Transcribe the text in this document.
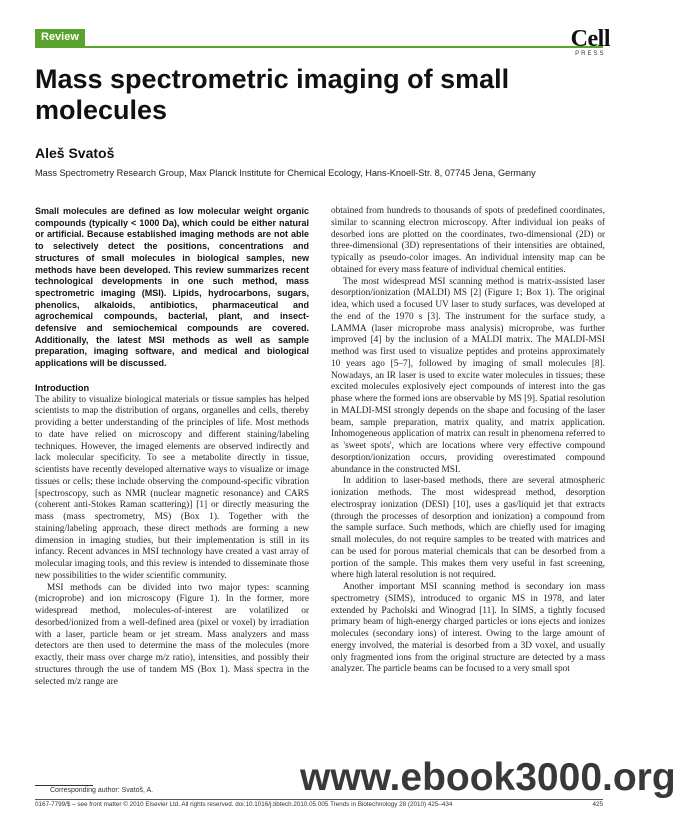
Review	Cell
PRESS
Mass spectrometric imaging of small
molecules
Aleš Svatoš
Mass Spectrometry Research Group, Max Planck Institute for Chemical Ecology, Hans-Knoell-Str. 8, 07745 Jena, Germany

Small molecules are defined as low molecular weight organic compounds (typically < 1000 Da), which could be either natural or artificial. Because established imaging methods are not able to selectively detect the positions, concentrations and structures of small molecules in biological samples, new methods have been developed. This review summarizes recent technological developments in one such method, mass spectrometric imaging (MSI). Lipids, hydrocarbons, sugars, phenolics, alkaloids, antibiotics, pharmaceutical and agrochemical compounds, bacterial, plant, and insect-defensive and semiochemical compounds are covered. Additionally, the latest MSI methods as well as sample preparation, imaging software, and medical and biological applications will be discussed.

Introduction

The ability to visualize biological materials or tissue samples has helped scientists to map the distribution of organs, organelles and cells, thereby providing a better understanding of the principles of life. Most methods to date have relied on microscopy and different staining/labeling techniques. However, the imaged elements are observed indirectly and lack molecular specificity. To see a metabolite directly in tissue, scientists have recently developed alternative ways to visualize or image tissues or cells; these include observing the compound-specific vibration [spectroscopy, such as NMR (nuclear magnetic resonance) and CARS (coherent anti-Stokes Raman scattering)] [1] or directly measuring the mass (mass spectrometry, MS) (Box 1). Together with the staining/labeling approach, these direct methods are forming a new dimension in imaging studies, but their implementation is still in its infancy. Recent advances in MSI technology have created a vast array of molecular imaging tools, and this review is intended to disseminate those new possibilities to the wider scientific community.

MSI methods can be divided into two major types: scanning (microprobe) and ion microscopy (Figure 1). In the former, more widespread method, molecules-of-interest are volatilized or desorbed/ionized from a well-defined area (pixel or voxel) by irradiation with a laser, particle beam or jet stream. Mass analyzers and mass detectors are then used to determine the mass of the molecules (more exactly, their mass over charge m/z ratio), intensities, and possibly their structures through the use of tandem MS (Box 1). Mass spectra in the selected m/z range are

obtained from hundreds to thousands of spots of predefined coordinates, similar to scanning electron microscopy. After individual ion peaks of desorbed ions are plotted on the coordinates, two-dimensional (2D) or three-dimensional (3D) representations of their intensities are obtained, typically as pseudo-color images. An individual intensity map can be obtained for every mass feature of individual chemical entities.

The most widespread MSI scanning method is matrix-assisted laser desorption/ionization (MALDI) MS [2] (Figure 1; Box 1). The original idea, which used a focused UV laser to study surfaces, was developed at the end of the 1970 s [3]. The instrument for the surface study, a LAMMA (laser microprobe mass analysis) microprobe, was further improved [4] by the inclusion of a MALDI matrix. The MALDI-MSI method was first used to visualize peptides and proteins approximately 10 years ago [5–7], followed by imaging of small molecules [8]. Nowadays, an IR laser is used to excite water molecules in tissues; these excited molecules explosively eject compounds of interest into the gas phase where the formed ions are observable by MS [9]. Spatial resolution in MALDI-MSI strongly depends on the shape and focusing of the laser beam, sample preparation, matrix quality, and matrix application. Inhomogeneous application of matrix can result in phenomena referred to as 'sweet spots', which are locations where very effective compound desorption/ionization occurs, providing overestimated compound abundance in the constructed MSI.

In addition to laser-based methods, there are several atmospheric ionization methods. The most widespread method, desorption electrospray ionization (DESI) [10], uses a gas/liquid jet that extracts (through the processes of desorption and ionization) a compound from the sample surface. Such methods, which are chiefly used for imaging small molecules, do not require samples to be treated with matrices and can be used for porous material chemicals that can be desorbed from a portion of the sample. This makes them very useful in fast screening, where high lateral resolution is not required.

Another important MSI scanning method is secondary ion mass spectrometry (SIMS), introduced to organic MS in 1978, and later extended by Pacholski and Winograd [11]. In SIMS, a tightly focused primary beam of high-energy charged particles or ions ejects and ionizes molecules (secondary ions) of interest. Owing to the large amount of energy involved, the material is desorbed from a 3D voxel, and usually only fragmented ions from the original structure are detected by a mass analyzer. The particle beams can be focused to a very small spot

Corresponding author: Svatoš, A.
0167-7799/$ – see front matter © 2010 Elsevier Ltd. All rights reserved. doi:10.1016/j.tibtech.2010.05.005 Trends in Biotechnology 28 (2010) 425–434	425
www.ebook3000.org
